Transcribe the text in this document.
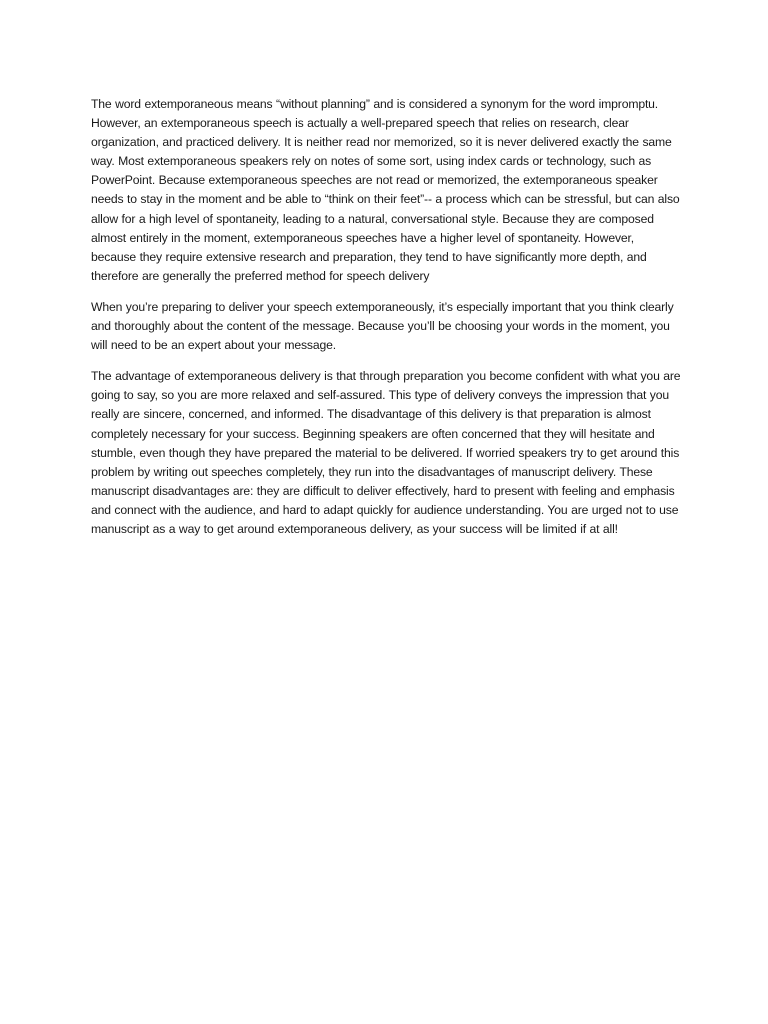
The word extemporaneous means “without planning” and is considered a synonym for the word impromptu. However, an extemporaneous speech is actually a well-prepared speech that relies on research, clear organization, and practiced delivery. It is neither read nor memorized, so it is never delivered exactly the same way. Most extemporaneous speakers rely on notes of some sort, using index cards or technology, such as PowerPoint. Because extemporaneous speeches are not read or memorized, the extemporaneous speaker needs to stay in the moment and be able to “think on their feet”-- a process which can be stressful, but can also allow for a high level of spontaneity, leading to a natural, conversational style. Because they are composed almost entirely in the moment, extemporaneous speeches have a higher level of spontaneity. However, because they require extensive research and preparation, they tend to have significantly more depth, and therefore are generally the preferred method for speech delivery

When you’re preparing to deliver your speech extemporaneously, it’s especially important that you think clearly and thoroughly about the content of the message. Because you’ll be choosing your words in the moment, you will need to be an expert about your message.

The advantage of extemporaneous delivery is that through preparation you become confident with what you are going to say, so you are more relaxed and self-assured. This type of delivery conveys the impression that you really are sincere, concerned, and informed. The disadvantage of this delivery is that preparation is almost completely necessary for your success. Beginning speakers are often concerned that they will hesitate and stumble, even though they have prepared the material to be delivered. If worried speakers try to get around this problem by writing out speeches completely, they run into the disadvantages of manuscript delivery. These manuscript disadvantages are: they are difficult to deliver effectively, hard to present with feeling and emphasis and connect with the audience, and hard to adapt quickly for audience understanding. You are urged not to use manuscript as a way to get around extemporaneous delivery, as your success will be limited if at all!
